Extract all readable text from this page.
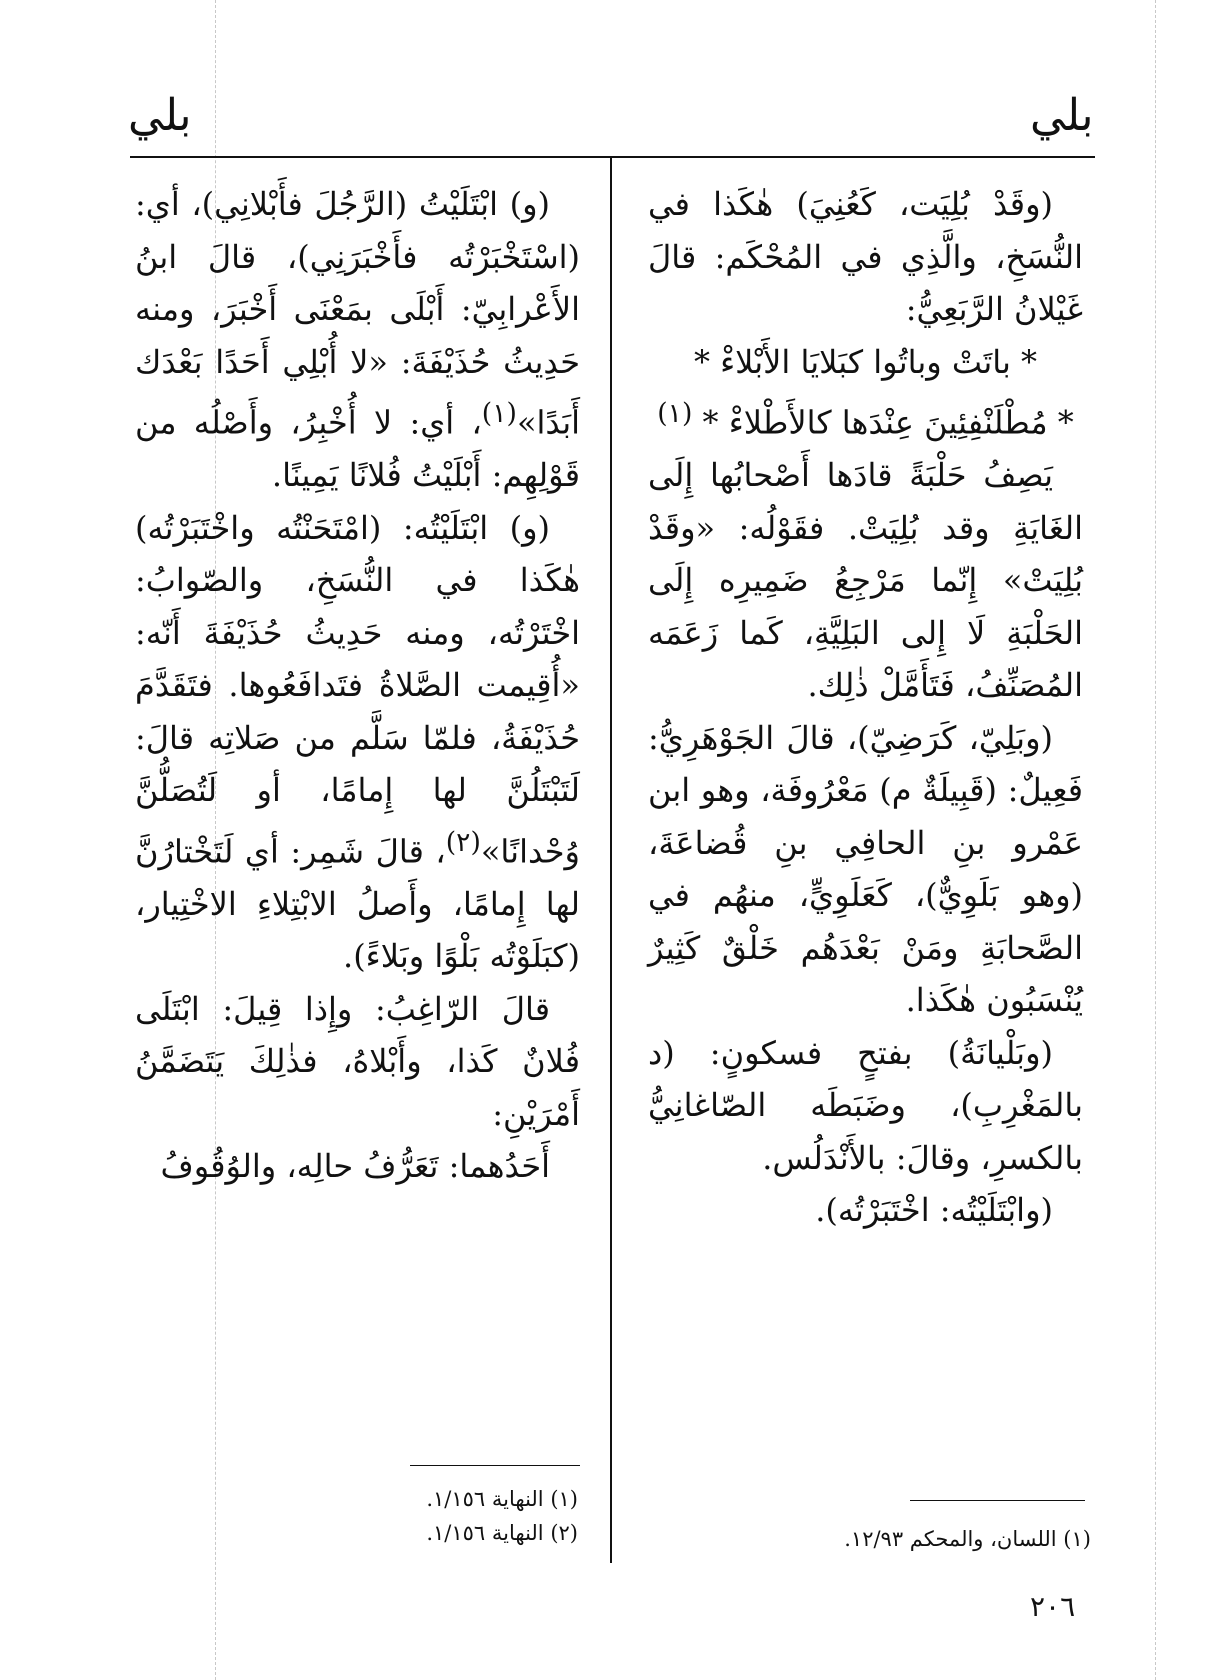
بلي
بلي

(وقَدْ بُلِيَت، كَعُنِيَ) هٰكَذا في النُّسَخِ، والَّذِي في المُحْكَم: قالَ غَيْلانُ الرَّبَعِيُّ:

* باتَتْ وباتُوا كبَلايَا الأَبْلاءْ *

* مُطْلَنْفِئِينَ عِنْدَها كالأَطْلاءْ * $^{(١)}$

يَصِفُ حَلْبَةً قادَها أَصْحابُها إِلَى الغَايَةِ وقد بُلِيَتْ. فقَوْلُه: «وقَدْ بُلِيَتْ» إِنّما مَرْجِعُ ضَمِيرِه إِلَى الحَلْبَةِ لَا إِلى البَلِيَّةِ، كَما زَعَمَه المُصَنِّفُ، فَتَأَمَّلْ ذٰلِك.

(وبَلِيّ، كَرَضِيّ)، قالَ الجَوْهَرِيُّ: فَعِيلٌ: (قَبِيلَةٌ م) مَعْرُوفَة، وهو ابن عَمْرو بنِ الحافِي بنِ قُضاعَةَ، (وهو بَلَوِيٌّ)، كَعَلَوِيٍّ، منهُم في الصَّحابَةِ ومَنْ بَعْدَهُم خَلْقٌ كَثِيرٌ يُنْسَبُون هٰكَذا.

(وبَلْيانَةُ) بفتحٍ فسكونٍ: (د بالمَغْرِبِ)، وضَبَطَه الصّاغانِيُّ بالكسرِ، وقالَ: بالأَنْدَلُس.

(وابْتَلَيْتُه: اخْتَبَرْتُه).

(و) ابْتَلَيْتُ (الرَّجُلَ فأَبْلانِي)، أي: (اسْتَخْبَرْتُه فأَخْبَرَنِي)، قالَ ابنُ الأَعْرابِيّ: أَبْلَى بمَعْنَى أَخْبَرَ، ومنه حَدِيثُ حُذَيْفَةَ: «لا أُبْلِي أَحَدًا بَعْدَك أَبَدًا»$^{(١)}$، أي: لا أُخْبِرُ، وأَصْلُه من قَوْلِهِم: أَبْلَيْتُ فُلانًا يَمِينًا.

(و) ابْتَلَيْتُه: (امْتَحَنْتُه واخْتَبَرْتُه) هٰكَذا في النُّسَخِ، والصّوابُ: اخْتَرْتُه، ومنه حَدِيثُ حُذَيْفَةَ أَنّه: «أُقِيمت الصَّلاةُ فتَدافَعُوها. فتَقَدَّمَ حُذَيْفَةُ، فلمّا سَلَّم من صَلاتِه قالَ: لَتَبْتَلُنَّ لها إِمامًا، أو لَتُصَلُّنَّ وُحْدانًا»$^{(٢)}$، قالَ شَمِر: أي لَتَخْتارُنَّ لها إِمامًا، وأَصلُ الابْتِلاءِ الاخْتِيار، (كبَلَوْتُه بَلْوًا وبَلاءً).

قالَ الرّاغِبُ: وإِذا قِيلَ: ابْتَلَى فُلانٌ كَذا، وأَبْلاهُ، فذٰلِكَ يَتَضَمَّنُ أَمْرَيْنِ:

أَحَدُهما: تَعَرُّفُ حالِه، والوُقُوفُ

(١) اللسان، والمحكم ١٢/٩٣.
(١) النهاية ١/١٥٦.
(٢) النهاية ١/١٥٦.
٢٠٦
